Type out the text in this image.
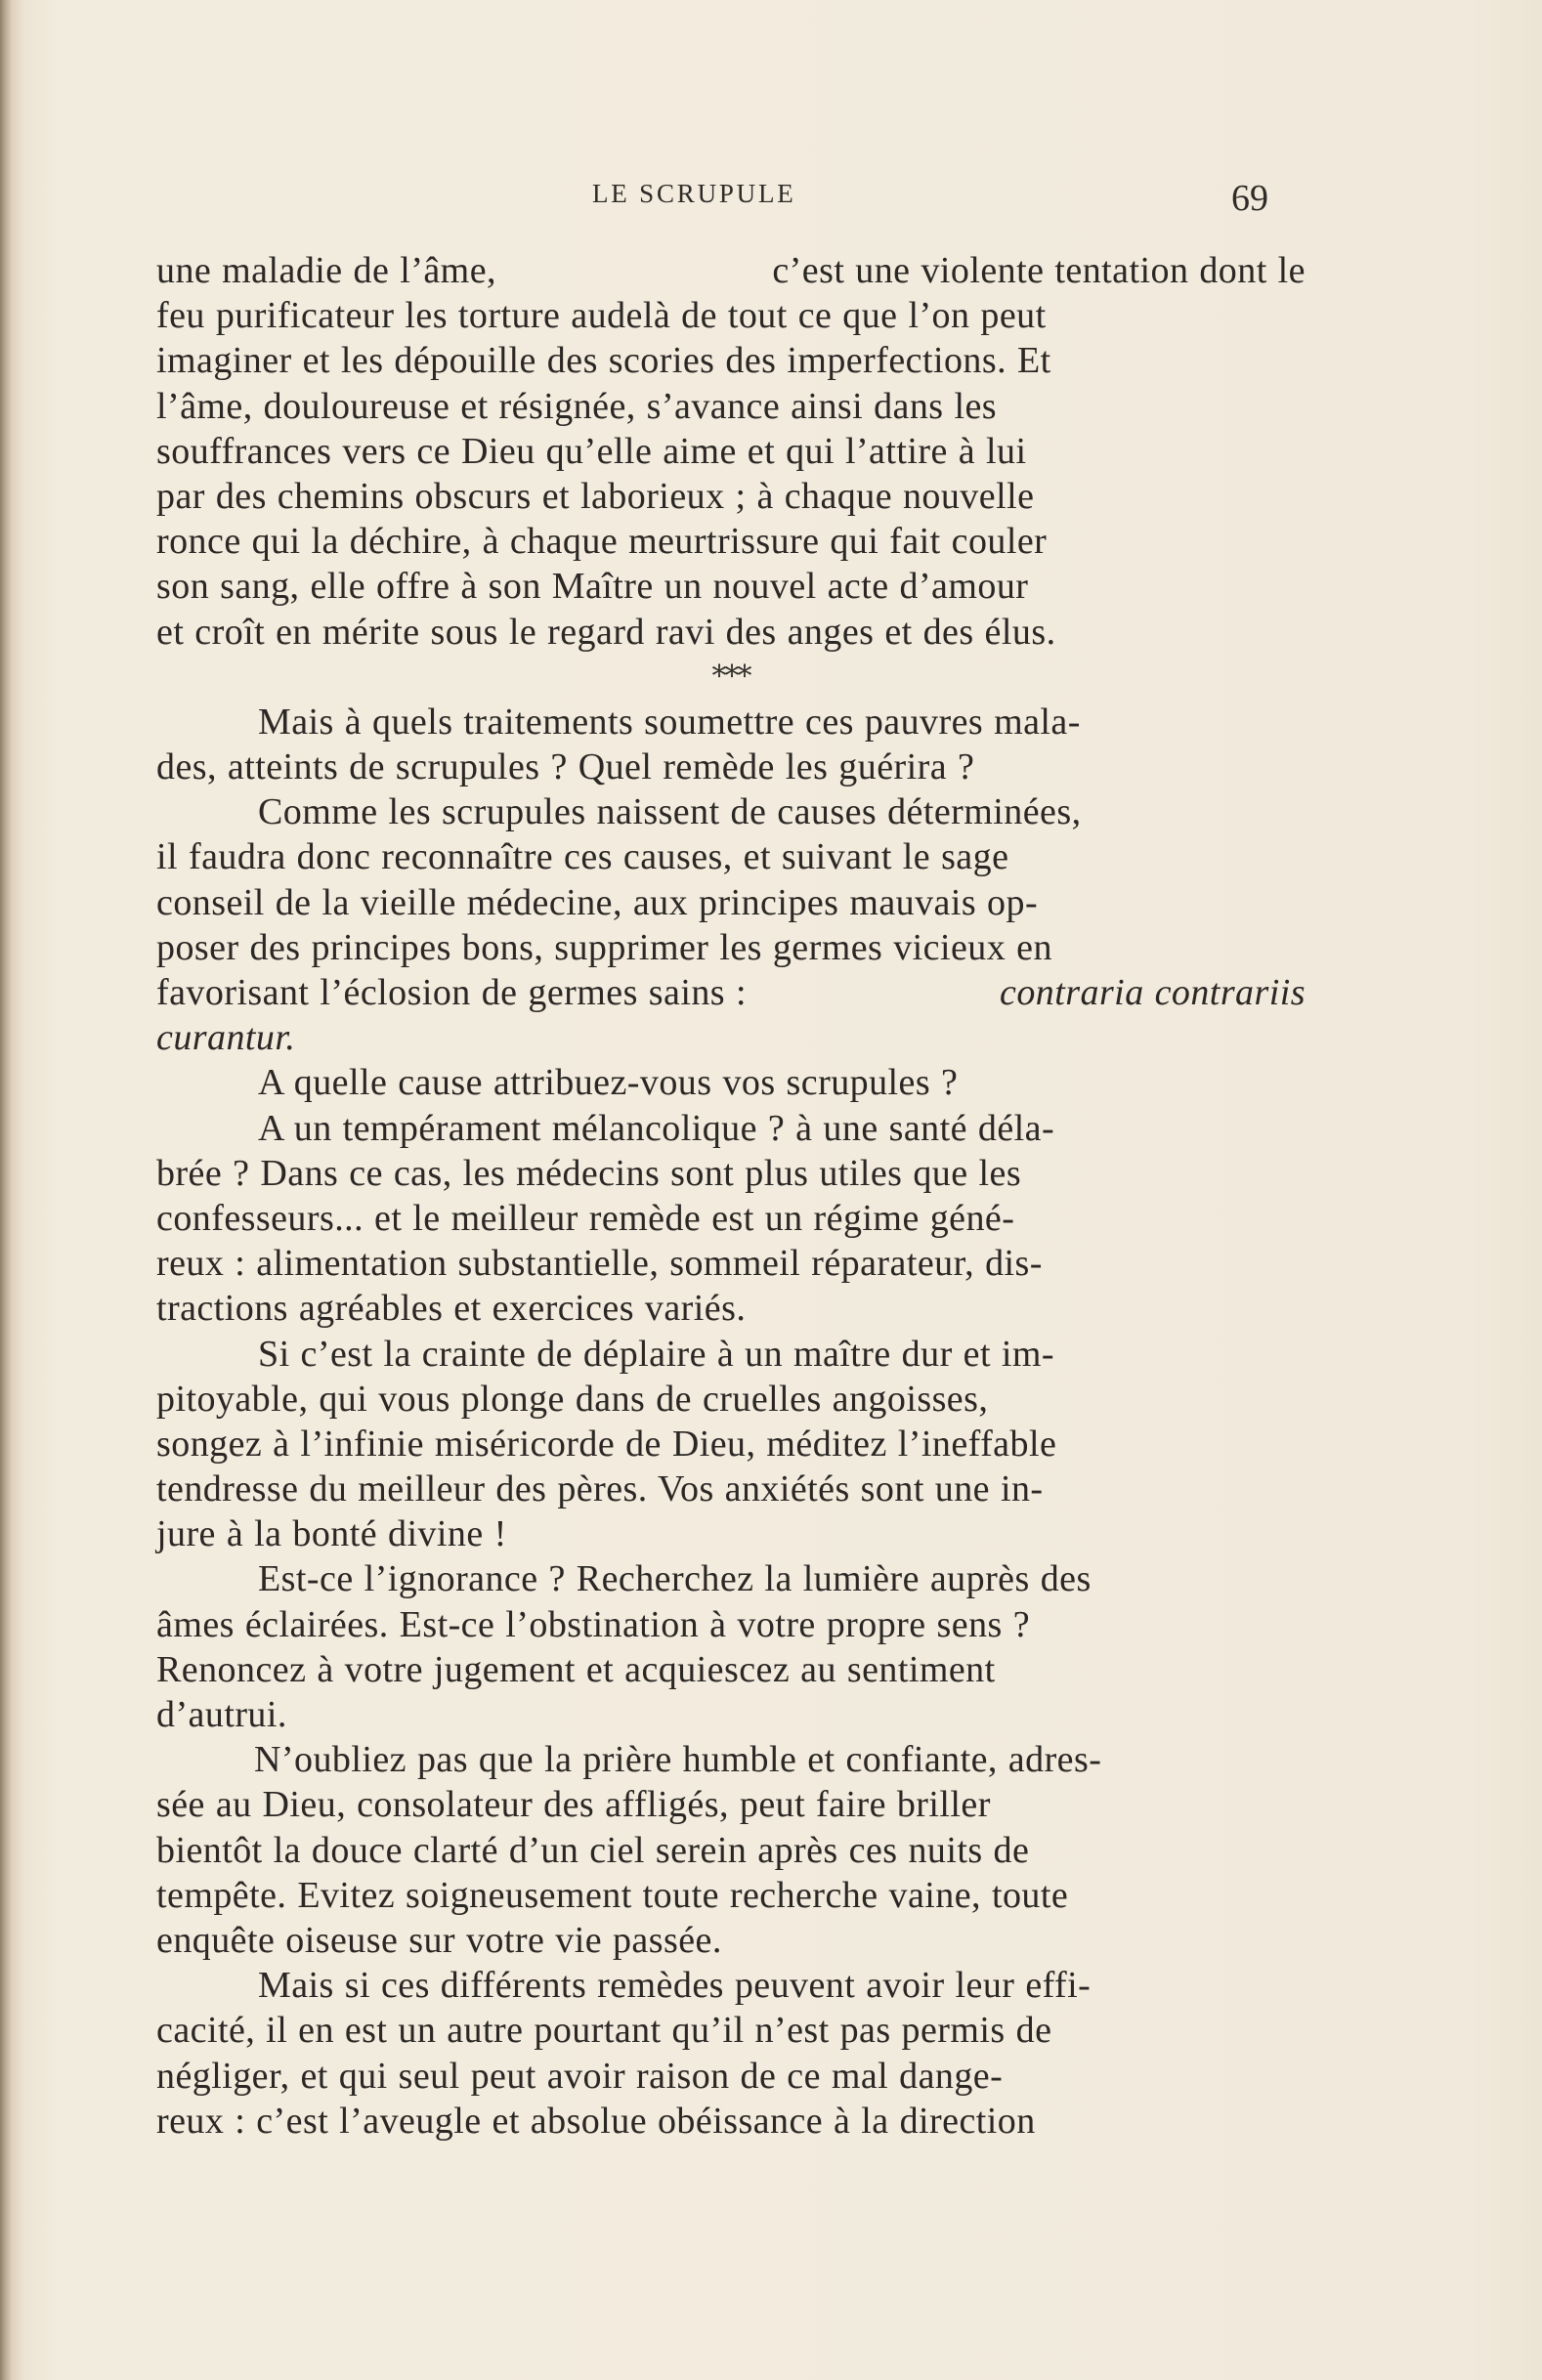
LE SCRUPULE	69
une maladie de l’âme,	c’est une violente tentation dont le
feu purificateur les torture audelà de tout ce que l’on peut
imaginer et les dépouille des scories des imperfections. Et
l’âme, douloureuse et résignée, s’avance ainsi dans les
souffrances vers ce Dieu qu’elle aime et qui l’attire à lui
par des chemins obscurs et laborieux ; à chaque nouvelle
ronce qui la déchire, à chaque meurtrissure qui fait couler
son sang, elle offre à son Maître un nouvel acte d’amour
et croît en mérite sous le regard ravi des anges et des élus.
***
Mais à quels traitements soumettre ces pauvres mala-
des, atteints de scrupules ? Quel remède les guérira ?
Comme les scrupules naissent de causes déterminées,
il faudra donc reconnaître ces causes, et suivant le sage
conseil de la vieille médecine, aux principes mauvais op-
poser des principes bons, supprimer les germes vicieux en
favorisant l’éclosion de germes sains :	contraria contrariis
curantur.
A quelle cause attribuez-vous vos scrupules ?
A un tempérament mélancolique ? à une santé déla-
brée ? Dans ce cas, les médecins sont plus utiles que les
confesseurs... et le meilleur remède est un régime géné-
reux : alimentation substantielle, sommeil réparateur, dis-
tractions agréables et exercices variés.
Si c’est la crainte de déplaire à un maître dur et im-
pitoyable, qui vous plonge dans de cruelles angoisses,
songez à l’infinie miséricorde de Dieu, méditez l’ineffable
tendresse du meilleur des pères. Vos anxiétés sont une in-
jure à la bonté divine !
Est-ce l’ignorance ? Recherchez la lumière auprès des
âmes éclairées. Est-ce l’obstination à votre propre sens ?
Renoncez à votre jugement et acquiescez au sentiment
d’autrui.
N’oubliez pas que la prière humble et confiante, adres-
sée au Dieu, consolateur des affligés, peut faire briller
bientôt la douce clarté d’un ciel serein après ces nuits de
tempête. Evitez soigneusement toute recherche vaine, toute
enquête oiseuse sur votre vie passée.
Mais si ces différents remèdes peuvent avoir leur effi-
cacité, il en est un autre pourtant qu’il n’est pas permis de
négliger, et qui seul peut avoir raison de ce mal dange-
reux : c’est l’aveugle et absolue obéissance à la direction
